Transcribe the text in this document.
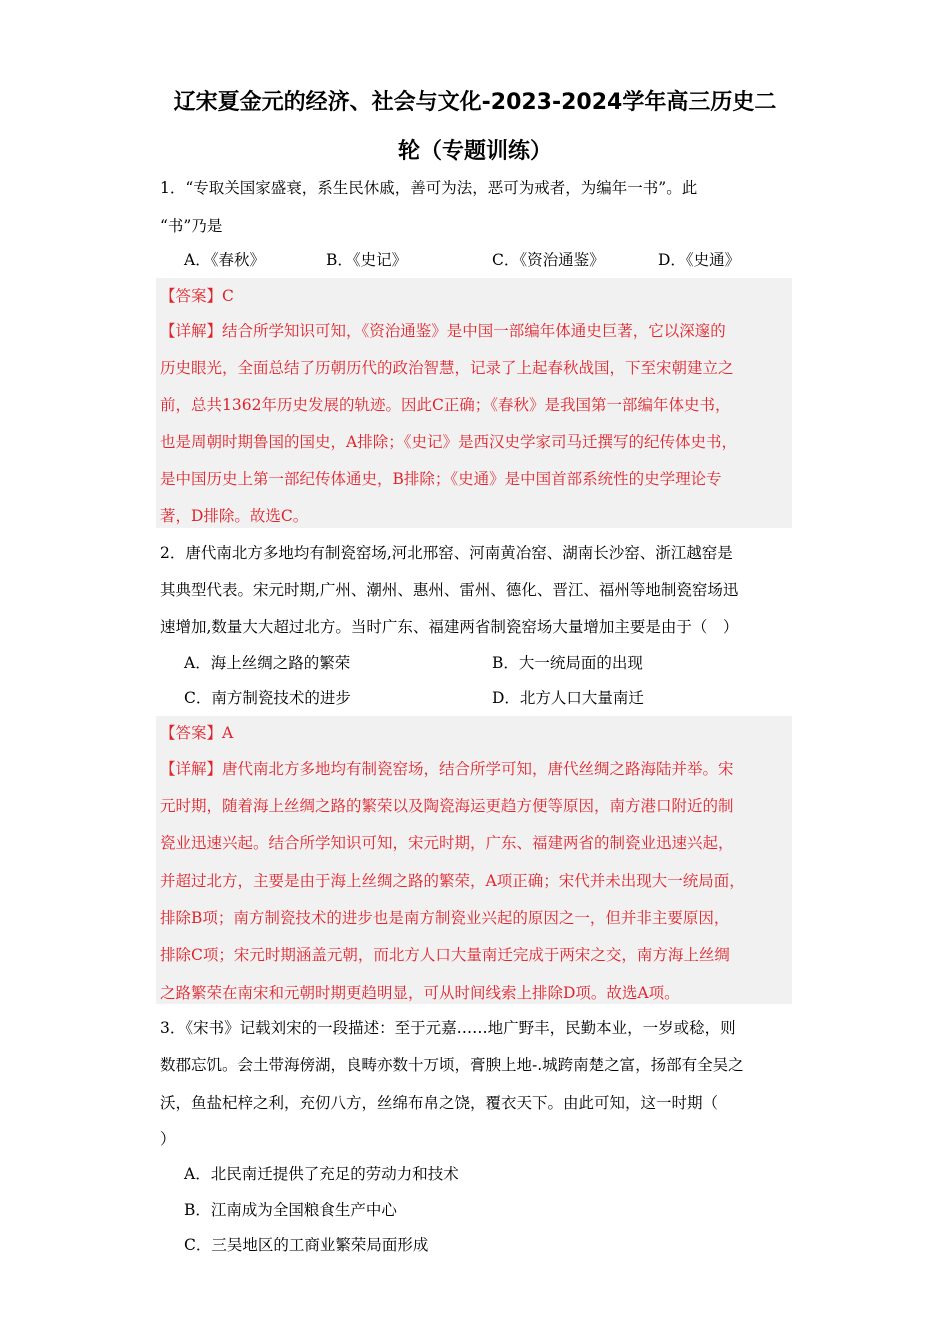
辽宋夏金元的经济、社会与文化-2023-2024学年高三历史二
轮（专题训练）
1．“专取关国家盛衰，系生民休戚，善可为法，恶可为戒者，为编年一书”。此
“书”乃是
A．《春秋》	B．《史记》	C．《资治通鉴》	D．《史通》
【答案】C
【详解】结合所学知识可知，《资治通鉴》是中国一部编年体通史巨著，它以深邃的
历史眼光，全面总结了历朝历代的政治智慧，记录了上起春秋战国，下至宋朝建立之
前，总共1362年历史发展的轨迹。因此C正确；《春秋》是我国第一部编年体史书，
也是周朝时期鲁国的国史，A排除；《史记》是西汉史学家司马迁撰写的纪传体史书，
是中国历史上第一部纪传体通史，B排除；《史通》是中国首部系统性的史学理论专
著，D排除。故选C。
2．唐代南北方多地均有制瓷窑场,河北邢窑、河南黄冶窑、湖南长沙窑、浙江越窑是
其典型代表。宋元时期,广州、潮州、惠州、雷州、德化、晋江、福州等地制瓷窑场迅
速增加,数量大大超过北方。当时广东、福建两省制瓷窑场大量增加主要是由于（　）
A．海上丝绸之路的繁荣	B．大一统局面的出现
C．南方制瓷技术的进步	D．北方人口大量南迁
【答案】A
【详解】唐代南北方多地均有制瓷窑场，结合所学可知，唐代丝绸之路海陆并举。宋
元时期，随着海上丝绸之路的繁荣以及陶瓷海运更趋方便等原因，南方港口附近的制
瓷业迅速兴起。结合所学知识可知，宋元时期，广东、福建两省的制瓷业迅速兴起，
并超过北方，主要是由于海上丝绸之路的繁荣，A项正确；宋代并未出现大一统局面，
排除B项；南方制瓷技术的进步也是南方制瓷业兴起的原因之一，但并非主要原因，
排除C项；宋元时期涵盖元朝，而北方人口大量南迁完成于两宋之交，南方海上丝绸
之路繁荣在南宋和元朝时期更趋明显，可从时间线索上排除D项。故选A项。
3．《宋书》记载刘宋的一段描述：至于元嘉……地广野丰，民勤本业，一岁或稔，则
数郡忘饥。会土带海傍湖，良畴亦数十万顷，膏腴上地-.城跨南楚之富，扬部有全吴之
沃，鱼盐杞梓之利，充仞八方，丝绵布帛之饶，覆衣天下。由此可知，这一时期（
）
A．北民南迁提供了充足的劳动力和技术
B．江南成为全国粮食生产中心
C．三吴地区的工商业繁荣局面形成
